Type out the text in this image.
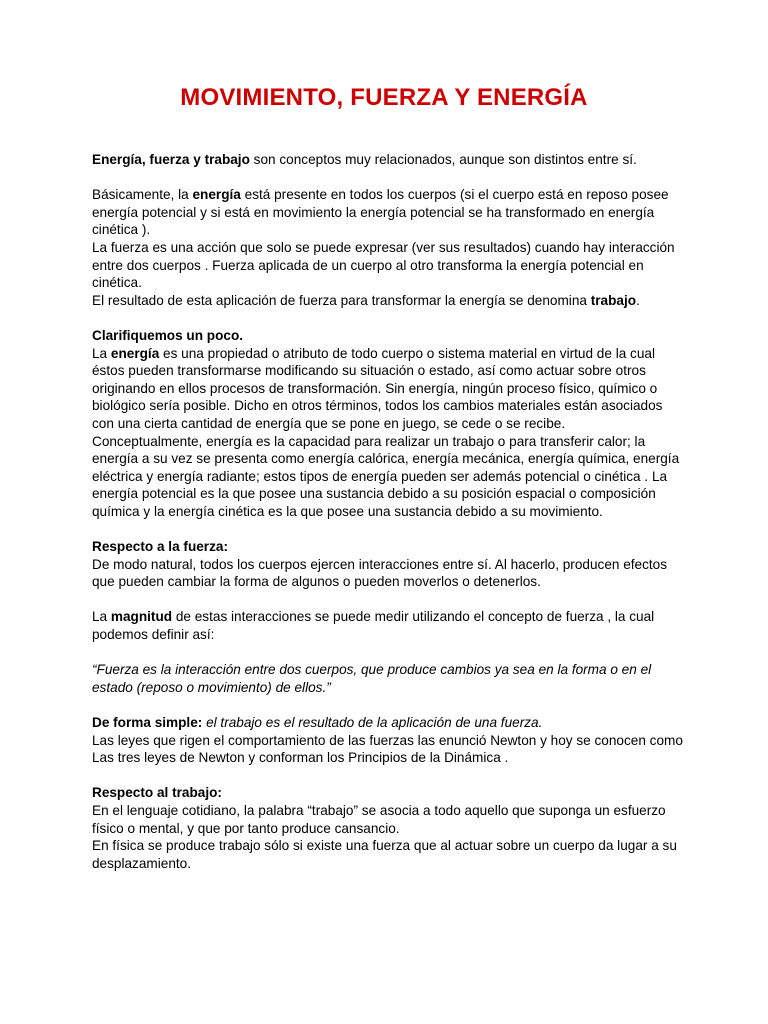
MOVIMIENTO, FUERZA Y ENERGÍA

Energía, fuerza y trabajo son conceptos muy relacionados, aunque son distintos entre sí.

Básicamente, la energía está presente en todos los cuerpos (si el cuerpo está en reposo posee energía potencial y si está en movimiento la energía potencial se ha transformado en energía cinética ).

La fuerza es una acción que solo se puede expresar (ver sus resultados) cuando hay interacción entre dos cuerpos . Fuerza aplicada de un cuerpo al otro transforma la energía potencial en cinética.

El resultado de esta aplicación de fuerza para transformar la energía se denomina trabajo.

Clarifiquemos un poco.

La energía es una propiedad o atributo de todo cuerpo o sistema material en virtud de la cual éstos pueden transformarse modificando su situación o estado, así como actuar sobre otros originando en ellos procesos de transformación. Sin energía, ningún proceso físico, químico o biológico sería posible. Dicho en otros términos, todos los cambios materiales están asociados con una cierta cantidad de energía que se pone en juego, se cede o se recibe.

Conceptualmente, energía es la capacidad para realizar un trabajo o para transferir calor; la energía a su vez se presenta como energía calórica, energía mecánica, energía química, energía eléctrica y energía radiante; estos tipos de energía pueden ser además potencial o cinética . La energía potencial es la que posee una sustancia debido a su posición espacial o composición química y la energía cinética es la que posee una sustancia debido a su movimiento.

Respecto a la fuerza:

De modo natural, todos los cuerpos ejercen interacciones entre sí. Al hacerlo, producen efectos que pueden cambiar la forma de algunos o pueden moverlos o detenerlos.

La magnitud de estas interacciones se puede medir utilizando el concepto de fuerza , la cual podemos definir así:

“Fuerza es la interacción entre dos cuerpos, que produce cambios ya sea en la forma o en el estado (reposo o movimiento) de ellos.”

De forma simple: el trabajo es el resultado de la aplicación de una fuerza.

Las leyes que rigen el comportamiento de las fuerzas las enunció Newton y hoy se conocen como Las tres leyes de Newton y conforman los Principios de la Dinámica .

Respecto al trabajo:

En el lenguaje cotidiano, la palabra “trabajo” se asocia a todo aquello que suponga un esfuerzo físico o mental, y que por tanto produce cansancio.

En física se produce trabajo sólo si existe una fuerza que al actuar sobre un cuerpo da lugar a su desplazamiento.
